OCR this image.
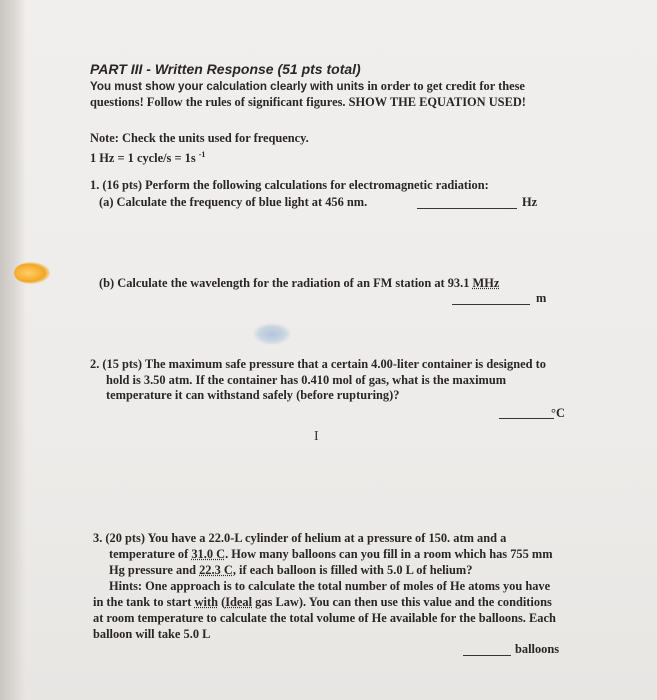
PART III - Written Response (51 pts total)
You must show your calculation clearly with units in order to get credit for these
questions! Follow the rules of significant figures. SHOW THE EQUATION USED!
Note: Check the units used for frequency.
1 Hz = 1 cycle/s = 1s $^{-1}$
1. (16 pts) Perform the following calculations for electromagnetic radiation:
(a) Calculate the frequency of blue light at 456 nm.	Hz
(b) Calculate the wavelength for the radiation of an FM station at 93.1 MHz
m
2. (15 pts) The maximum safe pressure that a certain 4.00-liter container is designed to
hold is 3.50 atm. If the container has 0.410 mol of gas, what is the maximum
temperature it can withstand safely (before rupturing)?
°C
I
3. (20 pts) You have a 22.0-L cylinder of helium at a pressure of 150. atm and a
temperature of 31.0 C. How many balloons can you fill in a room which has 755 mm
Hg pressure and 22.3 C, if each balloon is filled with 5.0 L of helium?
Hints: One approach is to calculate the total number of moles of He atoms you have
in the tank to start with (Ideal gas Law). You can then use this value and the conditions
at room temperature to calculate the total volume of He available for the balloons. Each
balloon will take 5.0 L
balloons
